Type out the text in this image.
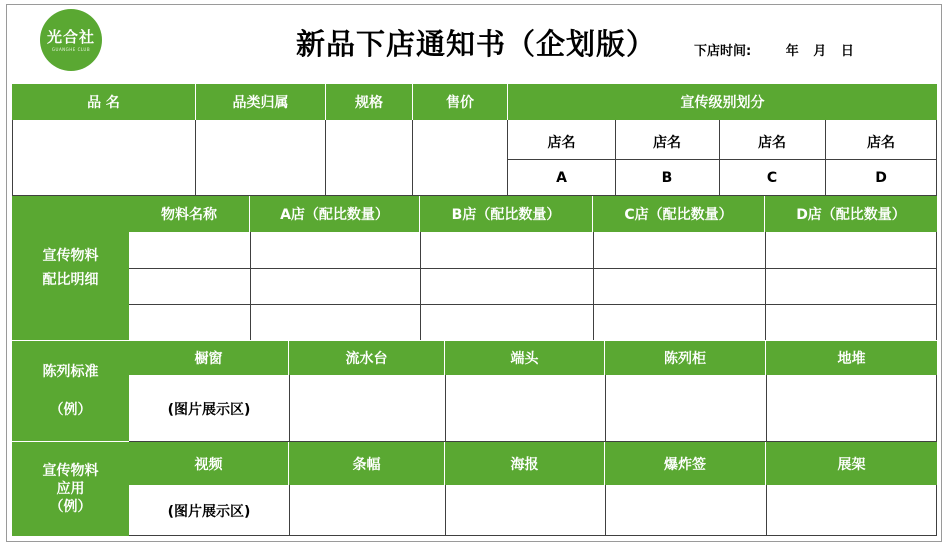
光合社
GUANGHE CLUB	新品下店通知书（企划版）	下店时间:	年 月 日
品 名	品类归属	规格	售价	宣传级别划分
店名	店名	店名	店名
A	B	C	D
宣传物料
配比明细
物料名称	A店（配比数量）	B店（配比数量）	C店（配比数量）	D店（配比数量）
陈列标准
（例）
橱窗	流水台	端头	陈列柜	地堆
(图片展示区)
宣传物料
应用
（例）
视频	条幅	海报	爆炸签	展架
(图片展示区)
